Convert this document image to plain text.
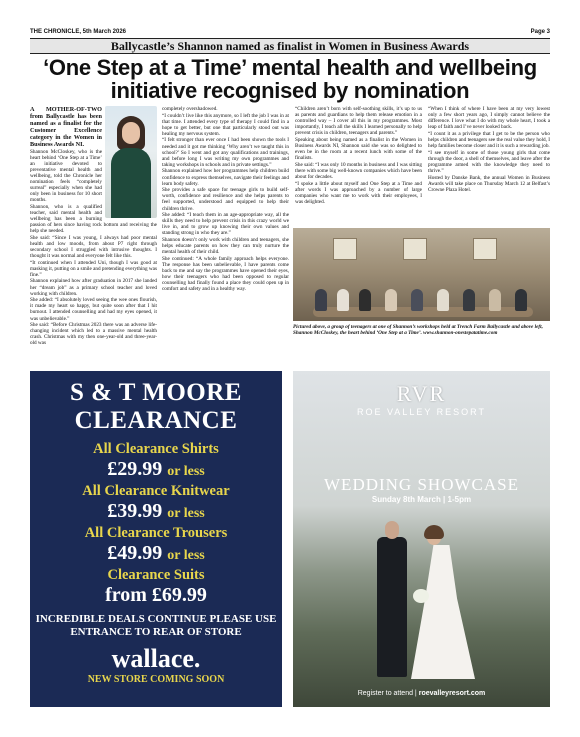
THE CHRONICLE, 5th March 2026	Page 3
Ballycastle’s Shannon named as finalist in Women in Business Awards
‘One Step at a Time’ mental health and wellbeing initiative recognised by nomination

A MOTHER-OF-TWO from Ballycastle has been named as a finalist for the Customer Excellence category in the Women in Business Awards NI.

Shannon McCloskey, who is the heart behind ‘One Step at a Time’ an initiative devoted to preventative mental health and wellbeing, told the Chronicle her nomination feels “completely surreal” especially when she had only been in business for 10 short months.

Shannon, who is a qualified teacher, said mental health and wellbeing has been a burning passion of hers since having rock bottom and receiving the help she needed.

She said: “Since I was young, I always had poor mental health and low moods, from about P7 right through secondary school I struggled with intrusive thoughts. I thought it was normal and everyone felt like this.

“It continued when I attended Uni, though I was good at masking it, putting on a smile and pretending everything was fine.”

Shannon explained how after graduation in 2017 she landed her “dream job” as a primary school teacher and loved working with children.

She added: “I absolutely loved seeing the wee ones flourish, it made my heart so happy, but quite soon after that I hit burnout. I attended counselling and had my eyes opened, it was unbelievable.”

She said: “Before Christmas 2023 there was an adverse life-changing incident which led to a massive mental health crash. Christmas with my then one-year-old and three-year-old was

completely overshadowed.

“I couldn’t live like this anymore, so I left the job I was in at that time. I attended every type of therapy I could find in a hope to get better, but one that particularly stood out was healing my nervous system.

“I felt stronger than ever once I had been shown the tools I needed and it got me thinking ‘Why aren’t we taught this in school?’ So I went and got any qualifications and trainings, and before long I was writing my own programmes and taking workshops in schools and in private settings.”

Shannon explained how her programmes help children build confidence to express themselves, navigate their feelings and learn body safety.

She provides a safe space for teenage girls to build self-worth, confidence and resilience and she helps parents to feel supported, understood and equipped to help their children thrive.

She added: “I teach them in an age-appropriate way, all the skills they need to help prevent crisis in this crazy world we live in, and to grow up knowing their own values and standing strong in who they are.”

Shannon doesn’t only work with children and teenagers, she helps educate parents on how they can truly nurture the mental health of their child.

She continued: “A whole family approach helps everyone. The response has been unbelievable, I have parents come back to me and say the programmes have opened their eyes, how their teenagers who had been opposed to regular counselling had finally found a place they could open up in comfort and safety and in a healthy way.

“Children aren’t born with self-soothing skills, it’s up to us as parents and guardians to help them release emotion in a controlled way – I cover all this in my programmes. Most importantly, I teach all the skills I learned personally to help prevent crisis in children, teenagers and parents.”

Speaking about being named as a finalist in the Women in Business Awards NI, Shannon said she was so delighted to even be in the room at a recent lunch with some of the finalists.

She said: “I was only 10 months in business and I was sitting there with some big well-known companies which have been about for decades.

“I spoke a little about myself and One Step at a Time and after words I was approached by a number of large companies who want me to work with their employees, I was delighted.

“When I think of where I have been at my very lowest only a few short years ago, I simply cannot believe the difference. I love what I do with my whole heart, I took a leap of faith and I’ve never looked back.

“I count it as a privilege that I get to be the person who helps children and teenagers see the real value they hold, I help families become closer and it is such a rewarding job.

“I see myself in some of those young girls that come through the door, a shell of themselves, and leave after the programme armed with the knowledge they need to thrive.”

Hosted by Danske Bank, the annual Women in Business Awards will take place on Thursday March 12 at Belfast’s Crowne Plaza Hotel.

Pictured above, a group of teenagers at one of Shannon’s workshops held at Trench Farm Ballycastle and above left, Shannon McCloskey, the heart behind ‘One Step at a Time’. www.shannon-onestepatatime.com

S & T MOORE
CLEARANCE
All Clearance Shirts
£29.99 or less
All Clearance Knitwear
£39.99 or less
All Clearance Trousers
£49.99 or less
Clearance Suits
from £69.99
INCREDIBLE DEALS CONTINUE PLEASE USE ENTRANCE TO REAR OF STORE
wallace.
NEW STORE COMING SOON
RVR
ROE VALLEY RESORT
WEDDING SHOWCASE
Sunday 8th March | 1-5pm
Register to attend | roevalleyresort.com
